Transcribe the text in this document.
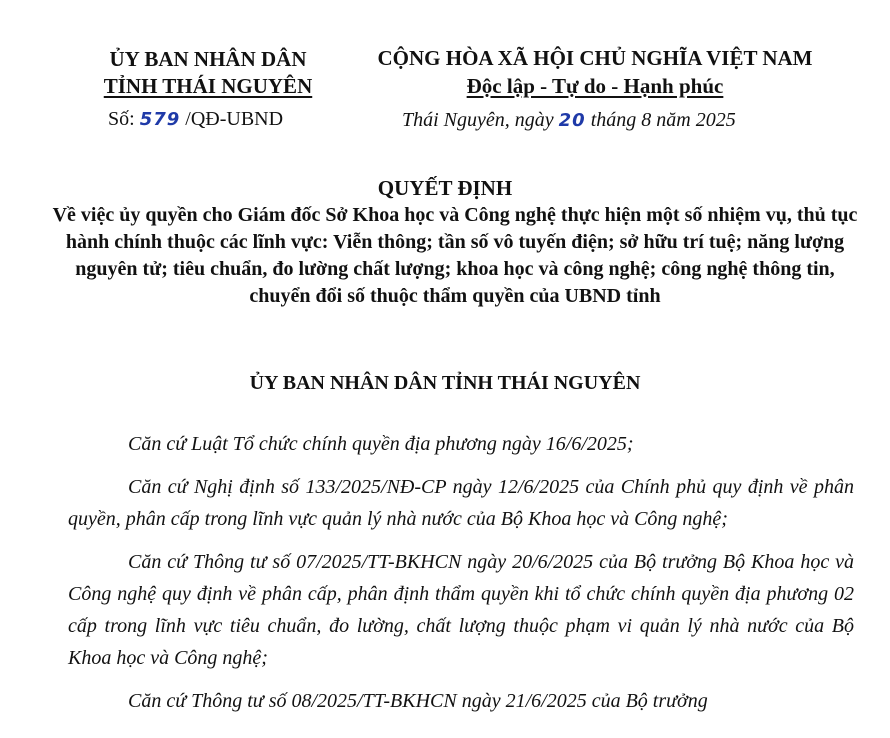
ỦY BAN NHÂN DÂN
TỈNH THÁI NGUYÊN
Số: 579 /QĐ-UBND
CỘNG HÒA XÃ HỘI CHỦ NGHĨA VIỆT NAM
Độc lập - Tự do - Hạnh phúc
Thái Nguyên, ngày 20 tháng 8 năm 2025
QUYẾT ĐỊNH
Về việc ủy quyền cho Giám đốc Sở Khoa học và Công nghệ thực hiện một số nhiệm vụ, thủ tục hành chính thuộc các lĩnh vực: Viễn thông; tần số vô tuyến điện; sở hữu trí tuệ; năng lượng nguyên tử; tiêu chuẩn, đo lường chất lượng; khoa học và công nghệ; công nghệ thông tin, chuyển đổi số thuộc thẩm quyền của UBND tỉnh
ỦY BAN NHÂN DÂN TỈNH THÁI NGUYÊN

Căn cứ Luật Tổ chức chính quyền địa phương ngày 16/6/2025;

Căn cứ Nghị định số 133/2025/NĐ-CP ngày 12/6/2025 của Chính phủ quy định về phân quyền, phân cấp trong lĩnh vực quản lý nhà nước của Bộ Khoa học và Công nghệ;

Căn cứ Thông tư số 07/2025/TT-BKHCN ngày 20/6/2025 của Bộ trưởng Bộ Khoa học và Công nghệ quy định về phân cấp, phân định thẩm quyền khi tổ chức chính quyền địa phương 02 cấp trong lĩnh vực tiêu chuẩn, đo lường, chất lượng thuộc phạm vi quản lý nhà nước của Bộ Khoa học và Công nghệ;

Căn cứ Thông tư số 08/2025/TT-BKHCN ngày 21/6/2025 của Bộ trưởng
